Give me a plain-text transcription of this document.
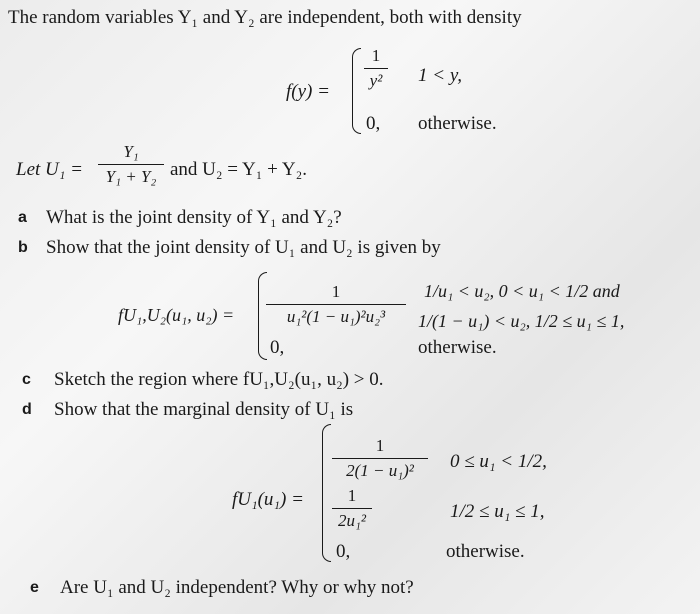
The random variables Y₁ and Y₂ are independent, both with density
f(y) =
1
y² 1 < y,
0, otherwise.
Let U₁ =
Y₁
Y₁ + Y₂ and U₂ = Y₁ + Y₂.
a What is the joint density of Y₁ and Y₂?
b Show that the joint density of U₁ and U₂ is given by
fU₁,U₂(u₁, u₂) =
1
u₁²(1 − u₁)²u₂³
1/u₁ < u₂, 0 < u₁ < 1/2 and
1/(1 − u₁) < u₂, 1/2 ≤ u₁ ≤ 1,
0,	otherwise.
c Sketch the region where fU₁,U₂(u₁, u₂) > 0.
d Show that the marginal density of U₁ is
fU₁(u₁) =
1
2(1 − u₁)²	0 ≤ u₁ < 1/2,
1
2u₁²	1/2 ≤ u₁ ≤ 1,
0,	otherwise.
e Are U₁ and U₂ independent? Why or why not?
